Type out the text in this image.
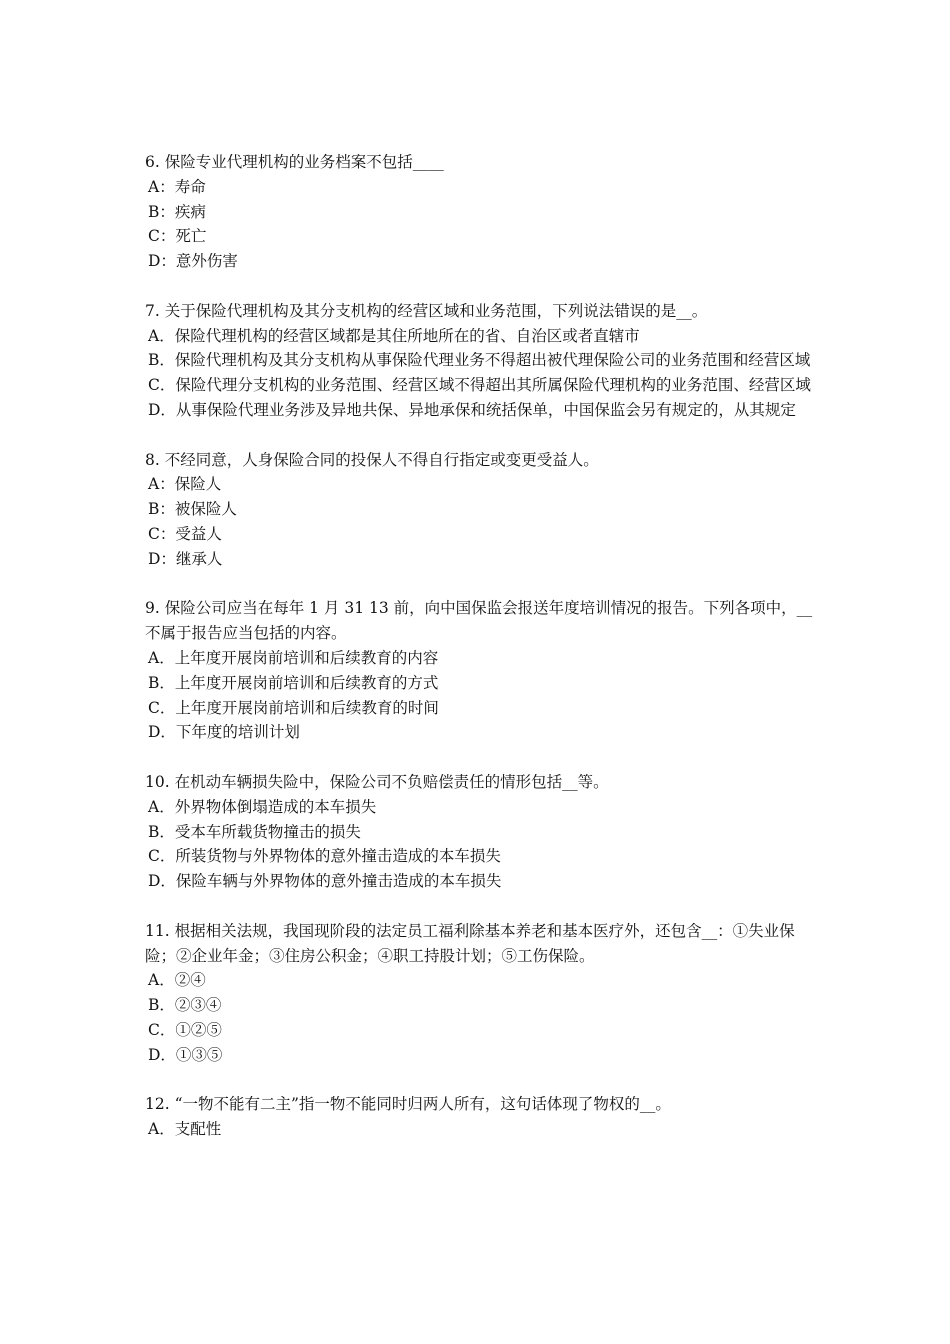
6. 保险专业代理机构的业务档案不包括____

A：寿命

B：疾病

C：死亡

D：意外伤害

7. 关于保险代理机构及其分支机构的经营区域和业务范围，下列说法错误的是__。

A．保险代理机构的经营区域都是其住所地所在的省、自治区或者直辖市

B．保险代理机构及其分支机构从事保险代理业务不得超出被代理保险公司的业务范围和经营区域

C．保险代理分支机构的业务范围、经营区域不得超出其所属保险代理机构的业务范围、经营区域

D．从事保险代理业务涉及异地共保、异地承保和统括保单，中国保监会另有规定的，从其规定

8. 不经同意，人身保险合同的投保人不得自行指定或变更受益人。

A：保险人

B：被保险人

C：受益人

D：继承人

9. 保险公司应当在每年 1 月 31 13 前，向中国保监会报送年度培训情况的报告。下列各项中，__不属于报告应当包括的内容。

A．上年度开展岗前培训和后续教育的内容

B．上年度开展岗前培训和后续教育的方式

C．上年度开展岗前培训和后续教育的时间

D．下年度的培训计划

10. 在机动车辆损失险中，保险公司不负赔偿责任的情形包括__等。

A．外界物体倒塌造成的本车损失

B．受本车所载货物撞击的损失

C．所装货物与外界物体的意外撞击造成的本车损失

D．保险车辆与外界物体的意外撞击造成的本车损失

11. 根据相关法规，我国现阶段的法定员工福利除基本养老和基本医疗外，还包含__：①失业保险；②企业年金；③住房公积金；④职工持股计划；⑤工伤保险。

A．②④

B．②③④

C．①②⑤

D．①③⑤

12. “一物不能有二主”指一物不能同时归两人所有，这句话体现了物权的__。

A．支配性
